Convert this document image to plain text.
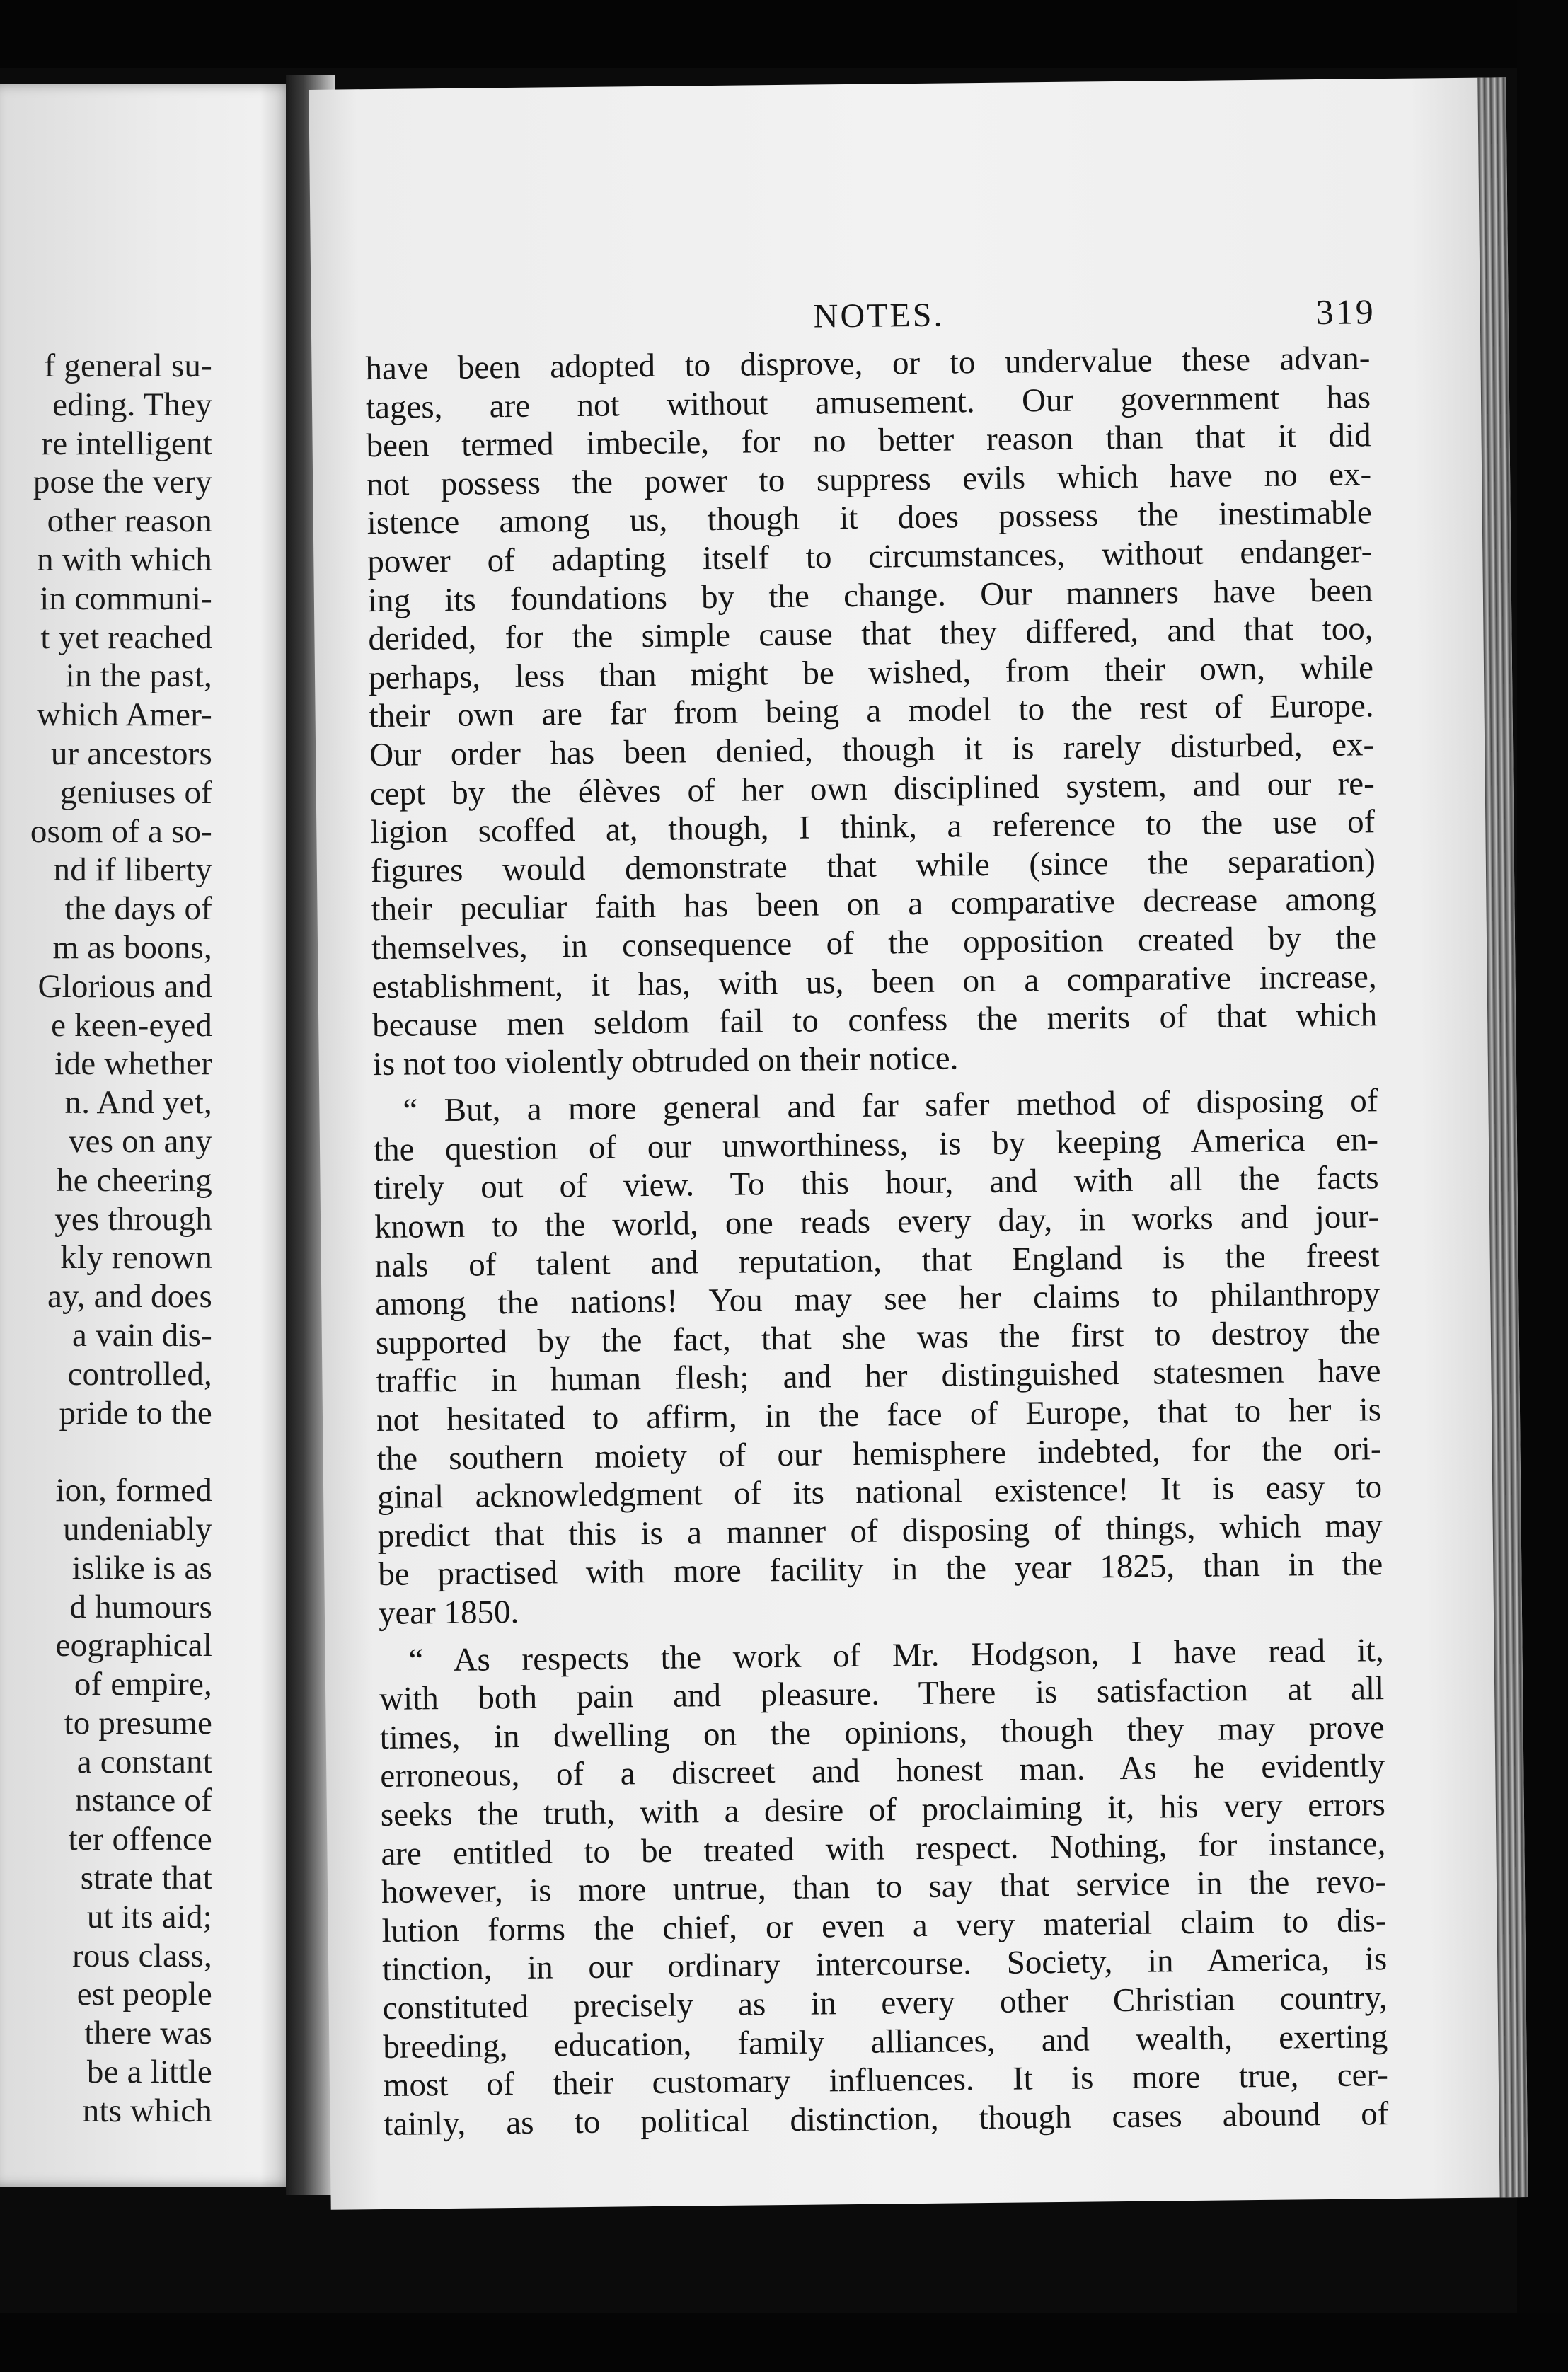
f general su-
eding. They
re intelligent
pose the very
other reason
n with which
in communi-
t yet reached
in the past,
which Amer-
ur ancestors
geniuses of
osom of a so-
nd if liberty
the days of
m as boons,
Glorious and
e keen-eyed
ide whether
n. And yet,
ves on any
he cheering
yes through
kly renown
ay, and does
a vain dis-
controlled,
pride to the
ion, formed
undeniably
islike is as
d humours
eographical
of empire,
to presume
a constant
nstance of
ter offence
strate that
ut its aid;
rous class,
est people
there was
be a little
nts which
NOTES.	319
have been adopted to disprove, or to undervalue these advan-
tages, are not without amusement. Our government has
been termed imbecile, for no better reason than that it did
not possess the power to suppress evils which have no ex-
istence among us, though it does possess the inestimable
power of adapting itself to circumstances, without endanger-
ing its foundations by the change. Our manners have been
derided, for the simple cause that they differed, and that too,
perhaps, less than might be wished, from their own, while
their own are far from being a model to the rest of Europe.
Our order has been denied, though it is rarely disturbed, ex-
cept by the élèves of her own disciplined system, and our re-
ligion scoffed at, though, I think, a reference to the use of
figures would demonstrate that while (since the separation)
their peculiar faith has been on a comparative decrease among
themselves, in consequence of the opposition created by the
establishment, it has, with us, been on a comparative increase,
because men seldom fail to confess the merits of that which
is not too violently obtruded on their notice.
“ But, a more general and far safer method of disposing of
the question of our unworthiness, is by keeping America en-
tirely out of view. To this hour, and with all the facts
known to the world, one reads every day, in works and jour-
nals of talent and reputation, that England is the freest
among the nations! You may see her claims to philanthropy
supported by the fact, that she was the first to destroy the
traffic in human flesh; and her distinguished statesmen have
not hesitated to affirm, in the face of Europe, that to her is
the southern moiety of our hemisphere indebted, for the ori-
ginal acknowledgment of its national existence! It is easy to
predict that this is a manner of disposing of things, which may
be practised with more facility in the year 1825, than in the
year 1850.
“ As respects the work of Mr. Hodgson, I have read it,
with both pain and pleasure. There is satisfaction at all
times, in dwelling on the opinions, though they may prove
erroneous, of a discreet and honest man. As he evidently
seeks the truth, with a desire of proclaiming it, his very errors
are entitled to be treated with respect. Nothing, for instance,
however, is more untrue, than to say that service in the revo-
lution forms the chief, or even a very material claim to dis-
tinction, in our ordinary intercourse. Society, in America, is
constituted precisely as in every other Christian country,
breeding, education, family alliances, and wealth, exerting
most of their customary influences. It is more true, cer-
tainly, as to political distinction, though cases abound of
